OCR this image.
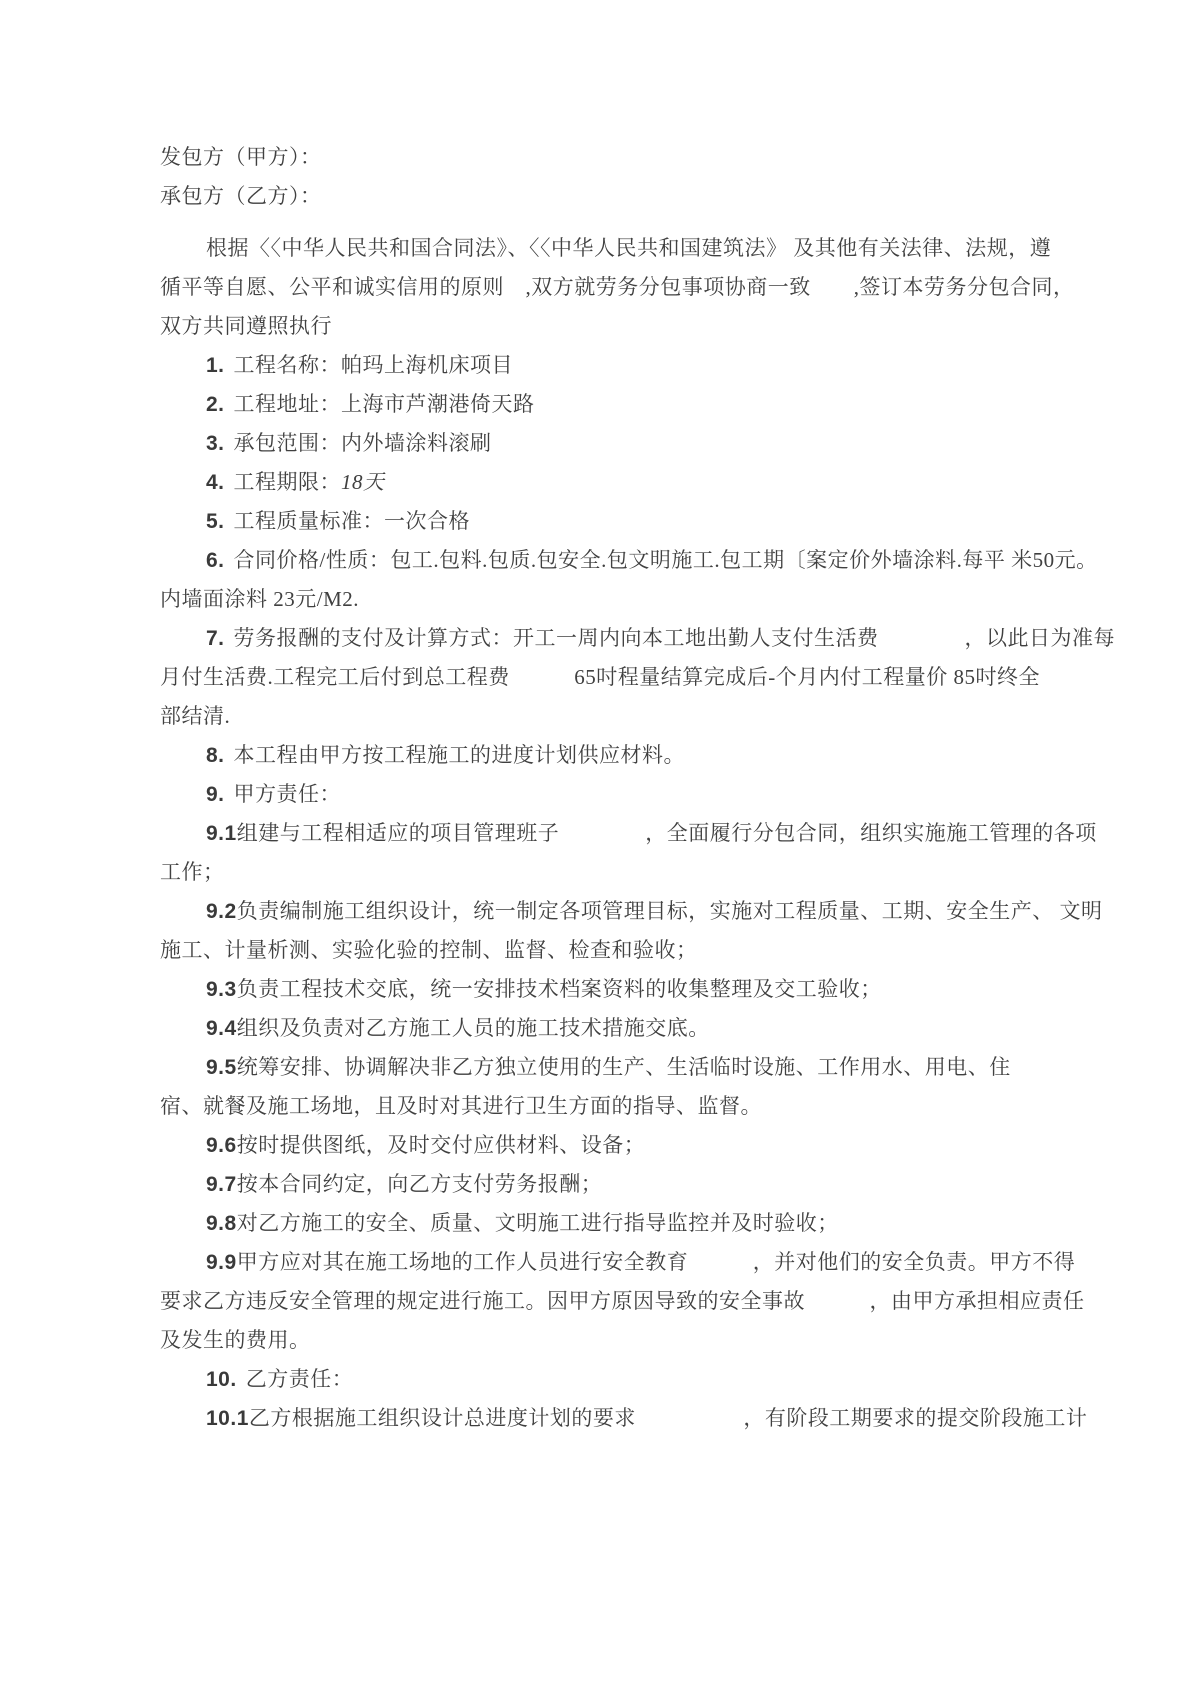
发包方（甲方）：
承包方（乙方）：
根据〈〈中华人民共和国合同法》、〈〈中华人民共和国建筑法》 及其他有关法律、法规，遵
循平等自愿、公平和诚实信用的原则　,双方就劳务分包事项协商一致　　,签订本劳务分包合同，
双方共同遵照执行
1. 工程名称：帕玛上海机床项目
2. 工程地址：上海市芦潮港倚天路
3. 承包范围：内外墙涂料滚刷
4. 工程期限：18天
5. 工程质量标准：一次合格
6. 合同价格/性质：包工.包料.包质.包安全.包文明施工.包工期〔案定价外墙涂料.每平 米50元。
内墙面涂料 23元/M2.
7. 劳务报酬的支付及计算方式：开工一周内向本工地出勤人支付生活费　　　　，以此日为准每
月付生活费.工程完工后付到总工程费　　　65吋程量结算完成后-个月内付工程量价 85吋终全
部结清.
8. 本工程由甲方按工程施工的进度计划供应材料。
9. 甲方责任：
9.1组建与工程相适应的项目管理班子　　　　，全面履行分包合同，组织实施施工管理的各项
工作；
9.2负责编制施工组织设计，统一制定各项管理目标，实施对工程质量、工期、安全生产、 文明
施工、计量析测、实验化验的控制、监督、检查和验收；
9.3负责工程技术交底，统一安排技术档案资料的收集整理及交工验收；
9.4组织及负责对乙方施工人员的施工技术措施交底。
9.5统筹安排、协调解决非乙方独立使用的生产、生活临时设施、工作用水、用电、住
宿、就餐及施工场地，且及时对其进行卫生方面的指导、监督。
9.6按时提供图纸，及时交付应供材料、设备；
9.7按本合同约定，向乙方支付劳务报酬；
9.8对乙方施工的安全、质量、文明施工进行指导监控并及时验收；
9.9甲方应对其在施工场地的工作人员进行安全教育　　　，并对他们的安全负责。甲方不得
要求乙方违反安全管理的规定进行施工。因甲方原因导致的安全事故　　　，由甲方承担相应责任
及发生的费用。
10. 乙方责任：
10.1乙方根据施工组织设计总进度计划的要求　　　　　，有阶段工期要求的提交阶段施工计
